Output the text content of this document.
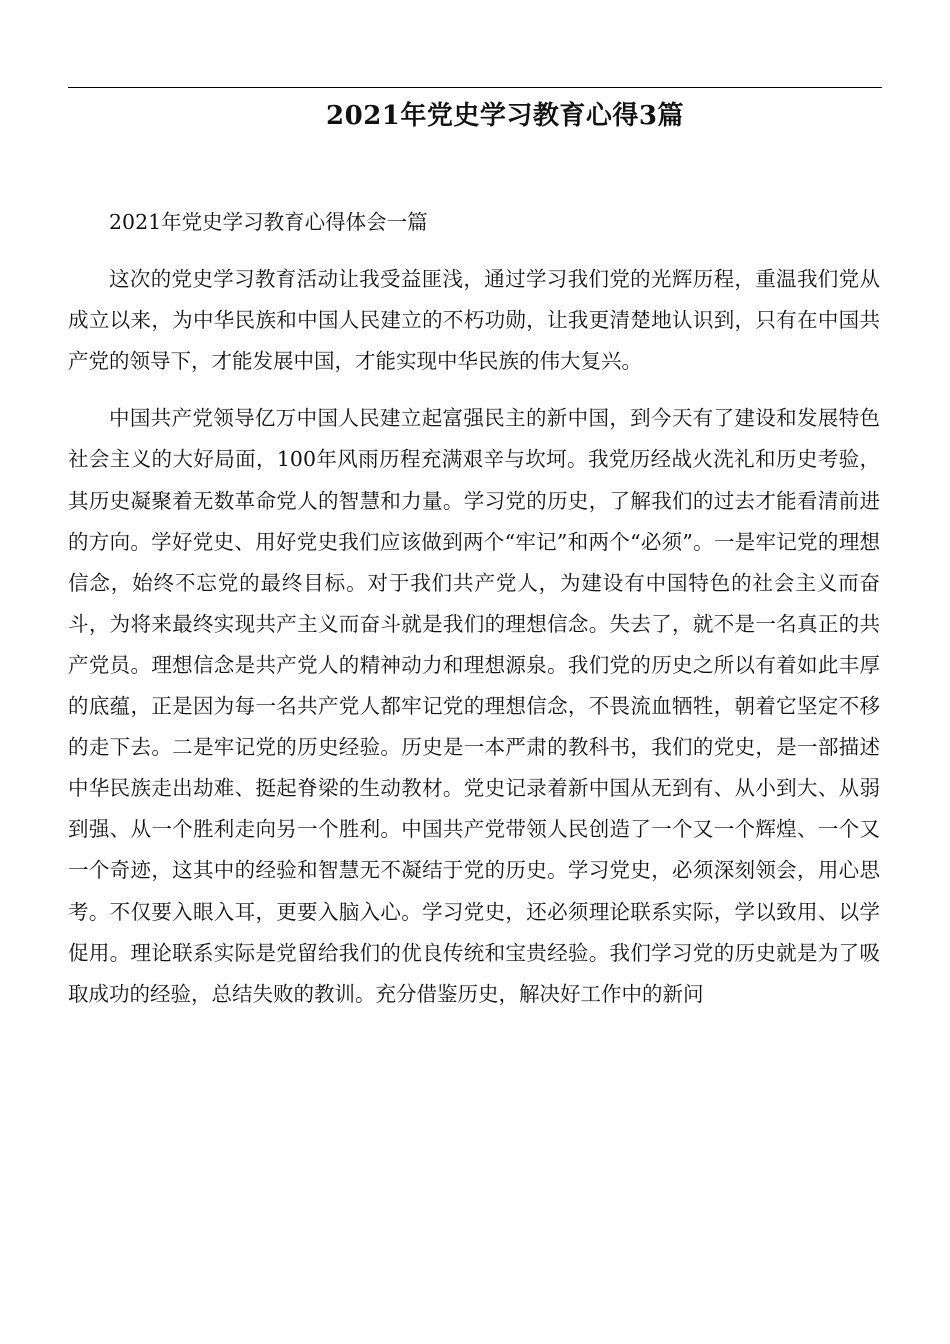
2021年党史学习教育心得3篇

2021年党史学习教育心得体会一篇

这次的党史学习教育活动让我受益匪浅，通过学习我们党的光辉历程，重温我们党从成立以来，为中华民族和中国人民建立的不朽功勋，让我更清楚地认识到，只有在中国共产党的领导下，才能发展中国，才能实现中华民族的伟大复兴。

中国共产党领导亿万中国人民建立起富强民主的新中国，到今天有了建设和发展特色社会主义的大好局面，100年风雨历程充满艰辛与坎坷。我党历经战火洗礼和历史考验，其历史凝聚着无数革命党人的智慧和力量。学习党的历史，了解我们的过去才能看清前进的方向。学好党史、用好党史我们应该做到两个“牢记”和两个“必须”。一是牢记党的理想信念，始终不忘党的最终目标。对于我们共产党人，为建设有中国特色的社会主义而奋斗，为将来最终实现共产主义而奋斗就是我们的理想信念。失去了，就不是一名真正的共产党员。理想信念是共产党人的精神动力和理想源泉。我们党的历史之所以有着如此丰厚的底蕴，正是因为每一名共产党人都牢记党的理想信念，不畏流血牺牲，朝着它坚定不移的走下去。二是牢记党的历史经验。历史是一本严肃的教科书，我们的党史，是一部描述中华民族走出劫难、挺起脊梁的生动教材。党史记录着新中国从无到有、从小到大、从弱到强、从一个胜利走向另一个胜利。中国共产党带领人民创造了一个又一个辉煌、一个又一个奇迹，这其中的经验和智慧无不凝结于党的历史。学习党史，必须深刻领会，用心思考。不仅要入眼入耳，更要入脑入心。学习党史，还必须理论联系实际，学以致用、以学促用。理论联系实际是党留给我们的优良传统和宝贵经验。我们学习党的历史就是为了吸取成功的经验，总结失败的教训。充分借鉴历史，解决好工作中的新问
